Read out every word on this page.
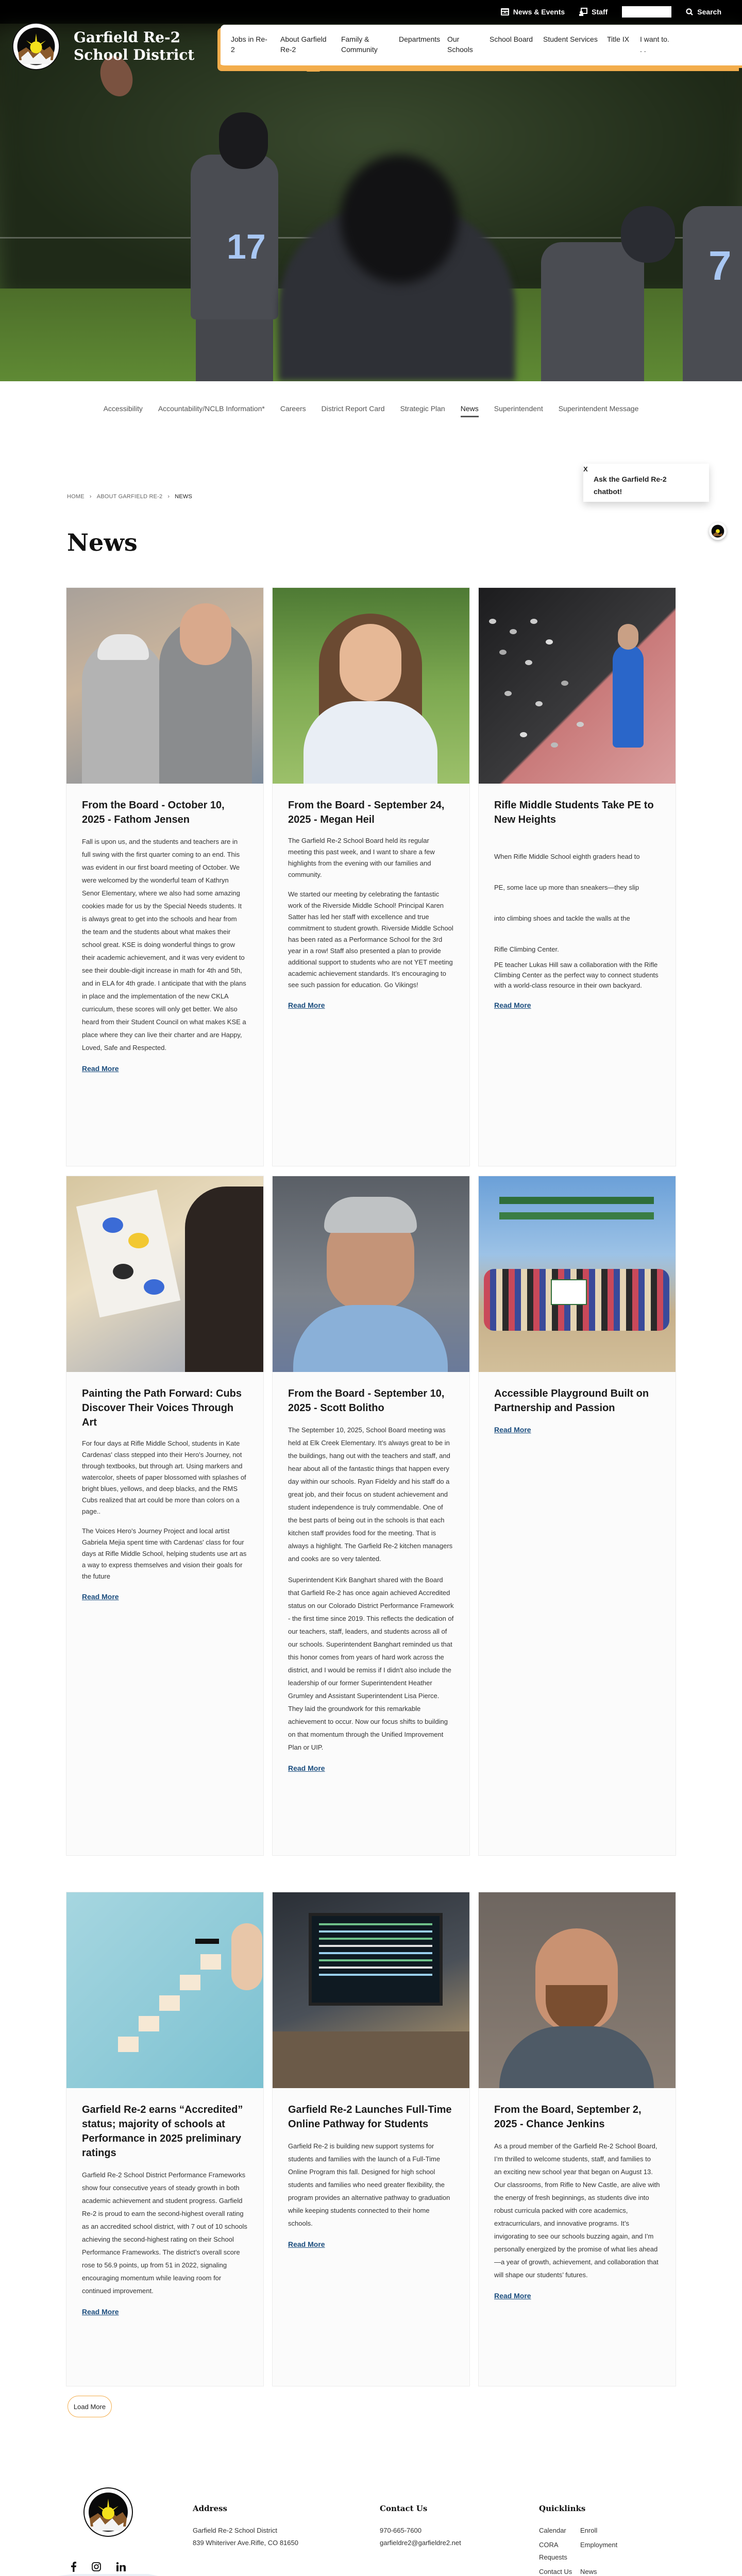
17	7
Garfield Re-2 School District
News & Events	Staff	Search
Jobs in Re-2
About Garfield Re-2
Family & Community
Departments Our Schools
School Board	Student Services	Title IX	I want to. . .
Accessibility Accountability/NCLB Information* Careers District Report Card Strategic Plan News Superintendent Superintendent Message
Ask the Garfield Re-2 chatbot!
X
HOME › ABOUT GARFIELD RE-2 › NEWS
News
From the Board - October 10, 2025 - Fathom Jensen

Fall is upon us, and the students and teachers are in full swing with the first quarter coming to an end. This was evident in our first board meeting of October. We were welcomed by the wonderful team of Kathryn Senor Elementary, where we also had some amazing cookies made for us by the Special Needs students. It is always great to get into the schools and hear from the team and the students about what makes their school great. KSE is doing wonderful things to grow their academic achievement, and it was very evident to see their double-digit increase in math for 4th and 5th, and in ELA for 4th grade. I anticipate that with the plans in place and the implementation of the new CKLA curriculum, these scores will only get better. We also heard from their Student Council on what makes KSE a place where they can live their charter and are Happy, Loved, Safe and Respected.

Read More
From the Board - September 24, 2025 - Megan Heil

The Garfield Re-2 School Board held its regular meeting this past week, and I want to share a few highlights from the evening with our families and community.

We started our meeting by celebrating the fantastic work of the Riverside Middle School! Principal Karen Satter has led her staff with excellence and true commitment to student growth. Riverside Middle School has been rated as a Performance School for the 3rd year in a row! Staff also presented a plan to provide additional support to students who are not YET meeting academic achievement standards. It’s encouraging to see such passion for education. Go Vikings!

Read More
Rifle Middle Students Take PE to New Heights

When Rifle Middle School eighth graders head to

PE, some lace up more than sneakers—they slip

into climbing shoes and tackle the walls at the

Rifle Climbing Center.

PE teacher Lukas Hill saw a collaboration with the Rifle Climbing Center as the perfect way to connect students with a world-class resource in their own backyard.

Read More
Painting the Path Forward: Cubs Discover Their Voices Through Art

For four days at Rifle Middle School, students in Kate Cardenas' class stepped into their Hero's Journey, not through textbooks, but through art. Using markers and watercolor, sheets of paper blossomed with splashes of bright blues, yellows, and deep blacks, and the RMS Cubs realized that art could be more than colors on a page..

The Voices Hero's Journey Project and local artist Gabriela Mejia spent time with Cardenas' class for four days at Rifle Middle School, helping students use art as a way to express themselves and vision their goals for the future

Read More
From the Board - September 10, 2025 - Scott Bolitho

The September 10, 2025, School Board meeting was held at Elk Creek Elementary. It’s always great to be in the buildings, hang out with the teachers and staff, and hear about all of the fantastic things that happen every day within our schools. Ryan Fideldy and his staff do a great job, and their focus on student achievement and student independence is truly commendable. One of the best parts of being out in the schools is that each kitchen staff provides food for the meeting. That is always a highlight. The Garfield Re-2 kitchen managers and cooks are so very talented.

Superintendent Kirk Banghart shared with the Board that Garfield Re-2 has once again achieved Accredited status on our Colorado District Performance Framework - the first time since 2019. This reflects the dedication of our teachers, staff, leaders, and students across all of our schools. Superintendent Banghart reminded us that this honor comes from years of hard work across the district, and I would be remiss if I didn't also include the leadership of our former Superintendent Heather Grumley and Assistant Superintendent Lisa Pierce. They laid the groundwork for this remarkable achievement to occur. Now our focus shifts to building on that momentum through the Unified Improvement Plan or UIP.

Read More
Accessible Playground Built on Partnership and Passion
Read More
Garfield Re-2 earns “Accredited” status; majority of schools at Performance in 2025 preliminary ratings

Garfield Re-2 School District Performance Frameworks show four consecutive years of steady growth in both academic achievement and student progress. Garfield Re-2 is proud to earn the second-highest overall rating as an accredited school district, with 7 out of 10 schools achieving the second-highest rating on their School Performance Frameworks. The district’s overall score rose to 56.9 points, up from 51 in 2022, signaling encouraging momentum while leaving room for continued improvement.

Read More
Garfield Re-2 Launches Full-Time Online Pathway for Students

Garfield Re-2 is building new support systems for students and families with the launch of a Full-Time Online Program this fall. Designed for high school students and families who need greater flexibility, the program provides an alternative pathway to graduation while keeping students connected to their home schools.

Read More
From the Board, September 2, 2025 - Chance Jenkins

As a proud member of the Garfield Re-2 School Board, I’m thrilled to welcome students, staff, and families to an exciting new school year that began on August 13. Our classrooms, from Rifle to New Castle, are alive with the energy of fresh beginnings, as students dive into robust curricula packed with core academics, extracurriculars, and innovative programs. It’s invigorating to see our schools buzzing again, and I’m personally energized by the promise of what lies ahead—a year of growth, achievement, and collaboration that will shape our students’ futures.

Read More
Load More
Address
Garfield Re-2 School District
839 Whiteriver Ave.Rifle, CO 81650
Contact Us
970-665-7600
garfieldre2@garfieldre2.net
Quicklinks
Calendar	Enroll
CORA Requests
Employment
Contact Us	News
